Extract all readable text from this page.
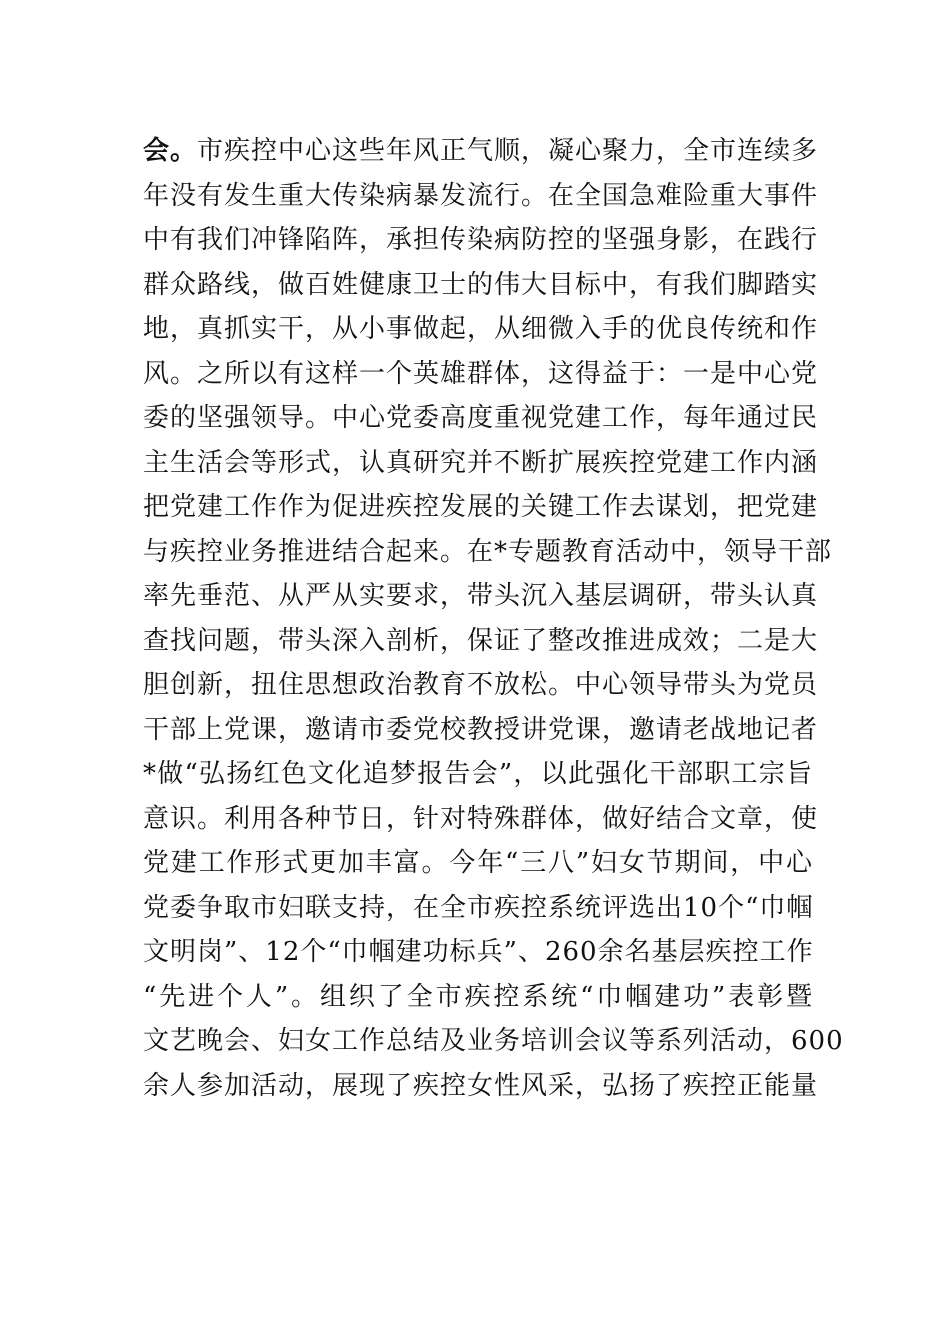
会。市疾控中心这些年风正气顺，凝心聚力，全市连续多
年没有发生重大传染病暴发流行。在全国急难险重大事件
中有我们冲锋陷阵，承担传染病防控的坚强身影，在践行
群众路线，做百姓健康卫士的伟大目标中，有我们脚踏实
地，真抓实干，从小事做起，从细微入手的优良传统和作
风。之所以有这样一个英雄群体，这得益于：一是中心党
委的坚强领导。中心党委高度重视党建工作，每年通过民
主生活会等形式，认真研究并不断扩展疾控党建工作内涵
把党建工作作为促进疾控发展的关键工作去谋划，把党建
与疾控业务推进结合起来。在*专题教育活动中，领导干部
率先垂范、从严从实要求，带头沉入基层调研，带头认真
查找问题，带头深入剖析，保证了整改推进成效；二是大
胆创新，扭住思想政治教育不放松。中心领导带头为党员
干部上党课，邀请市委党校教授讲党课，邀请老战地记者
*做“弘扬红色文化追梦报告会”，以此强化干部职工宗旨
意识。利用各种节日，针对特殊群体，做好结合文章，使
党建工作形式更加丰富。今年“三八”妇女节期间，中心
党委争取市妇联支持，在全市疾控系统评选出10个“巾帼
文明岗”、12个“巾帼建功标兵”、260余名基层疾控工作
“先进个人”。组织了全市疾控系统“巾帼建功”表彰暨
文艺晚会、妇女工作总结及业务培训会议等系列活动，600
余人参加活动，展现了疾控女性风采，弘扬了疾控正能量
